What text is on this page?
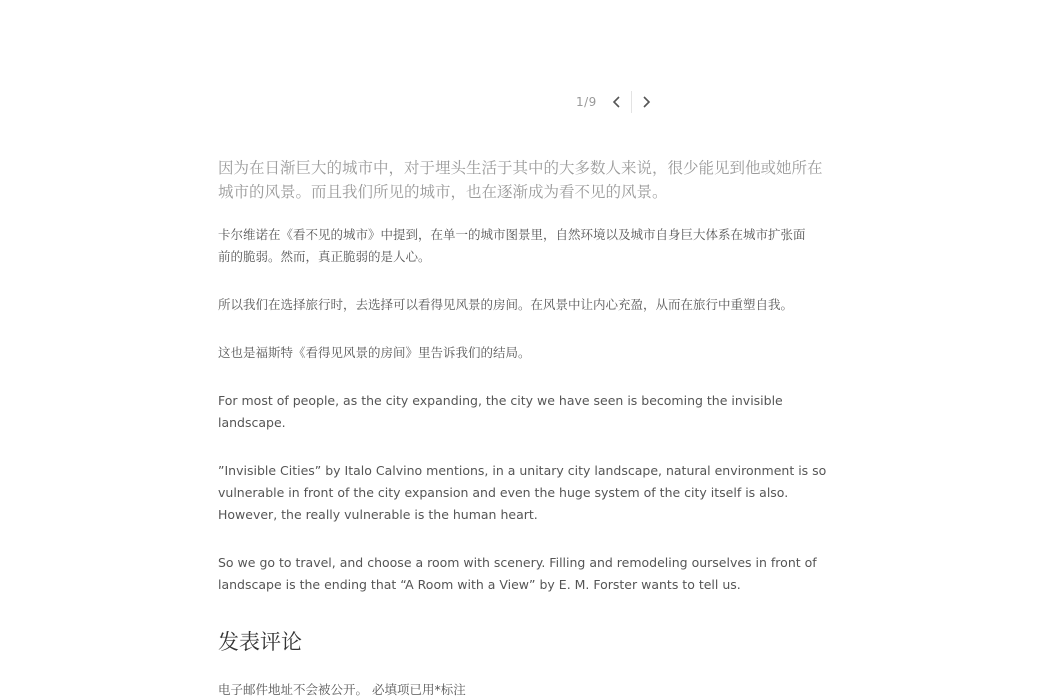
1/9

因为在日渐巨大的城市中，对于埋头生活于其中的大多数人来说，很少能见到他或她所在
城市的风景。而且我们所见的城市，也在逐渐成为看不见的风景。

卡尔维诺在《看不见的城市》中提到，在单一的城市图景里，自然环境以及城市自身巨大体系在城市扩张面
前的脆弱。然而，真正脆弱的是人心。

所以我们在选择旅行时，去选择可以看得见风景的房间。在风景中让内心充盈，从而在旅行中重塑自我。

这也是福斯特《看得见风景的房间》里告诉我们的结局。

For most of people, as the city expanding, the city we have seen is becoming the invisible landscape.

”Invisible Cities” by Italo Calvino mentions, in a unitary city landscape, natural environment is so vulnerable in front of the city expansion and even the huge system of the city itself is also. However, the really vulnerable is the human heart.

So we go to travel, and choose a room with scenery. Filling and remodeling ourselves in front of landscape is the ending that “A Room with a View” by E. M. Forster wants to tell us.

发表评论

电子邮件地址不会被公开。 必填项已用*标注
